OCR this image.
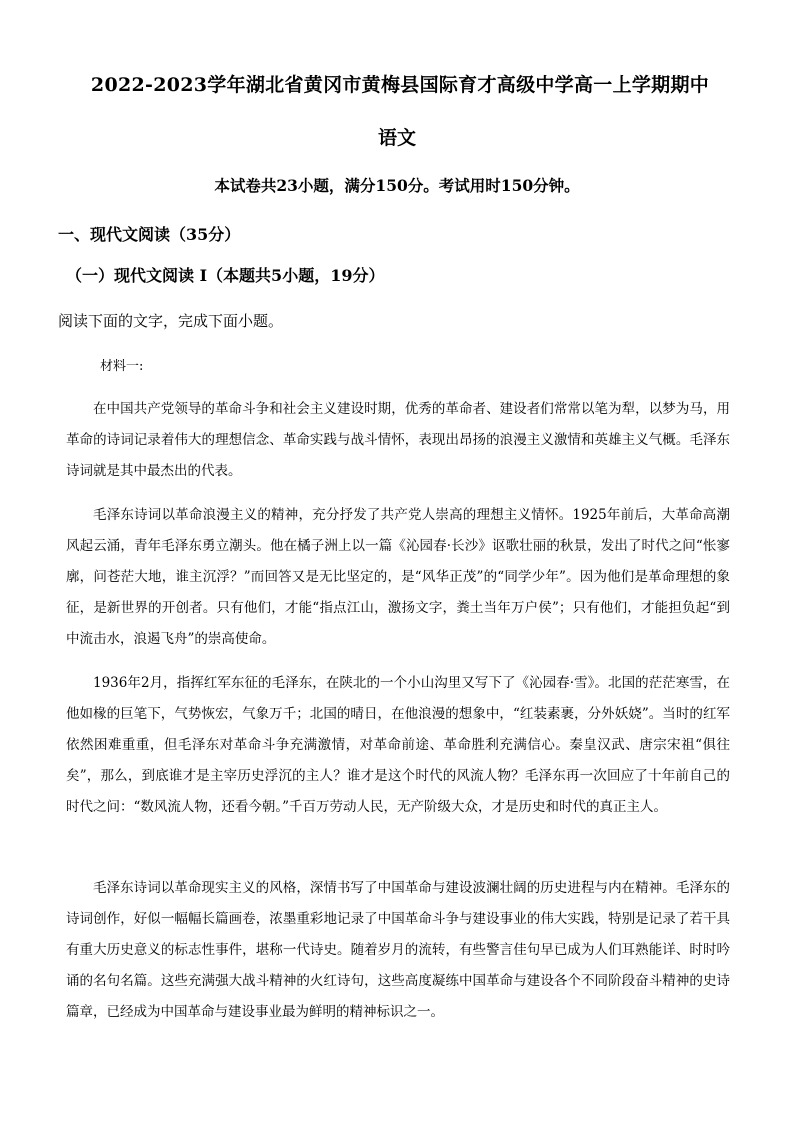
2022-2023学年湖北省黄冈市黄梅县国际育才高级中学高一上学期期中
语文
本试卷共23小题，满分150分。考试用时150分钟。
一、现代文阅读（35分）
（一）现代文阅读 I（本题共5小题，19分）
阅读下面的文字，完成下面小题。
材料一:

在中国共产党领导的革命斗争和社会主义建设时期，优秀的革命者、建设者们常常以笔为犁，以梦为马，用革命的诗词记录着伟大的理想信念、革命实践与战斗情怀，表现出昂扬的浪漫主义激情和英雄主义气概。毛泽东诗词就是其中最杰出的代表。

毛泽东诗词以革命浪漫主义的精神，充分抒发了共产党人崇高的理想主义情怀。1925年前后，大革命高潮风起云涌，青年毛泽东勇立潮头。他在橘子洲上以一篇《沁园春·长沙》讴歌壮丽的秋景，发出了时代之问“怅寥廓，问苍茫大地，谁主沉浮？”而回答又是无比坚定的，是“风华正茂”的“同学少年”。因为他们是革命理想的象征，是新世界的开创者。只有他们，才能“指点江山，激扬文字，粪土当年万户侯”；只有他们，才能担负起“到中流击水，浪遏飞舟”的崇高使命。

1936年2月，指挥红军东征的毛泽东，在陕北的一个小山沟里又写下了《沁园春·雪》。北国的茫茫寒雪，在他如椽的巨笔下，气势恢宏，气象万千；北国的晴日，在他浪漫的想象中，“红装素裹，分外妖娆”。当时的红军依然困难重重，但毛泽东对革命斗争充满激情，对革命前途、革命胜利充满信心。秦皇汉武、唐宗宋祖“俱往矣”，那么，到底谁才是主宰历史浮沉的主人？谁才是这个时代的风流人物？毛泽东再一次回应了十年前自己的时代之问：“数风流人物，还看今朝。”千百万劳动人民，无产阶级大众，才是历史和时代的真正主人。

毛泽东诗词以革命现实主义的风格，深情书写了中国革命与建设波澜壮阔的历史进程与内在精神。毛泽东的诗词创作，好似一幅幅长篇画卷，浓墨重彩地记录了中国革命斗争与建设事业的伟大实践，特别是记录了若干具有重大历史意义的标志性事件，堪称一代诗史。随着岁月的流转，有些警言佳句早已成为人们耳熟能详、时时吟诵的名句名篇。这些充满强大战斗精神的火红诗句，这些高度凝练中国革命与建设各个不同阶段奋斗精神的史诗篇章，已经成为中国革命与建设事业最为鲜明的精神标识之一。
